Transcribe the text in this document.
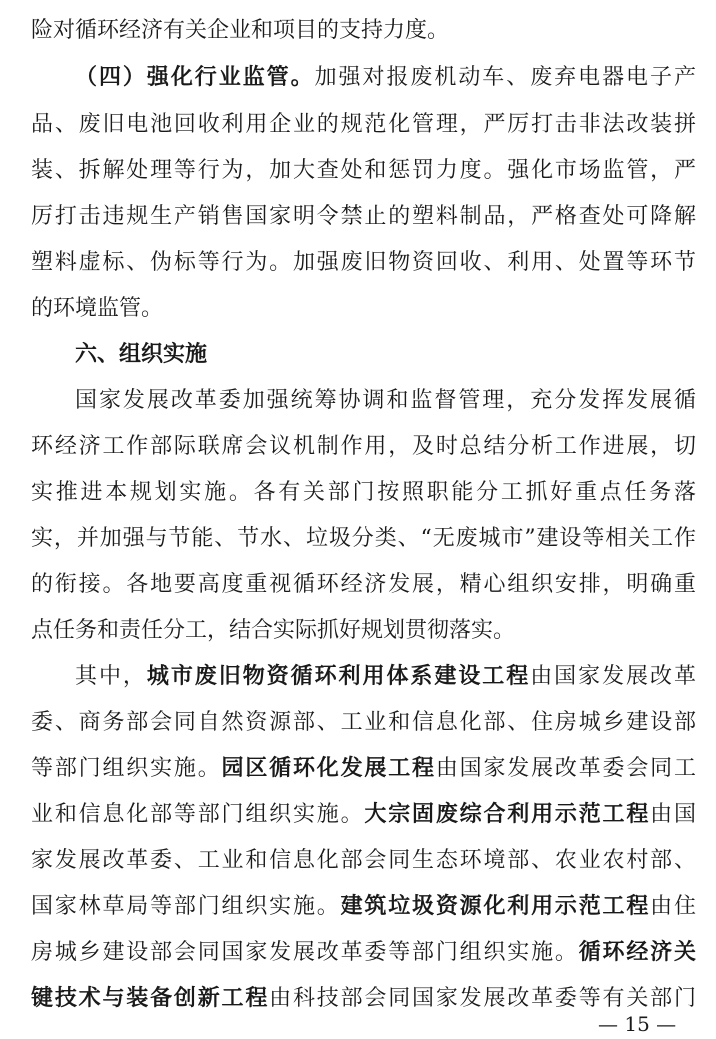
险对循环经济有关企业和项目的支持力度。
（四）强化行业监管。加强对报废机动车、废弃电器电子产
品、废旧电池回收利用企业的规范化管理，严厉打击非法改装拼
装、拆解处理等行为，加大查处和惩罚力度。强化市场监管，严
厉打击违规生产销售国家明令禁止的塑料制品，严格查处可降解
塑料虚标、伪标等行为。加强废旧物资回收、利用、处置等环节
的环境监管。
六、组织实施
国家发展改革委加强统筹协调和监督管理，充分发挥发展循
环经济工作部际联席会议机制作用，及时总结分析工作进展，切
实推进本规划实施。各有关部门按照职能分工抓好重点任务落
实，并加强与节能、节水、垃圾分类、“无废城市”建设等相关工作
的衔接。各地要高度重视循环经济发展，精心组织安排，明确重
点任务和责任分工，结合实际抓好规划贯彻落实。
其中，城市废旧物资循环利用体系建设工程由国家发展改革
委、商务部会同自然资源部、工业和信息化部、住房城乡建设部
等部门组织实施。园区循环化发展工程由国家发展改革委会同工
业和信息化部等部门组织实施。大宗固废综合利用示范工程由国
家发展改革委、工业和信息化部会同生态环境部、农业农村部、
国家林草局等部门组织实施。建筑垃圾资源化利用示范工程由住
房城乡建设部会同国家发展改革委等部门组织实施。循环经济关
键技术与装备创新工程由科技部会同国家发展改革委等有关部门
— 15 —
